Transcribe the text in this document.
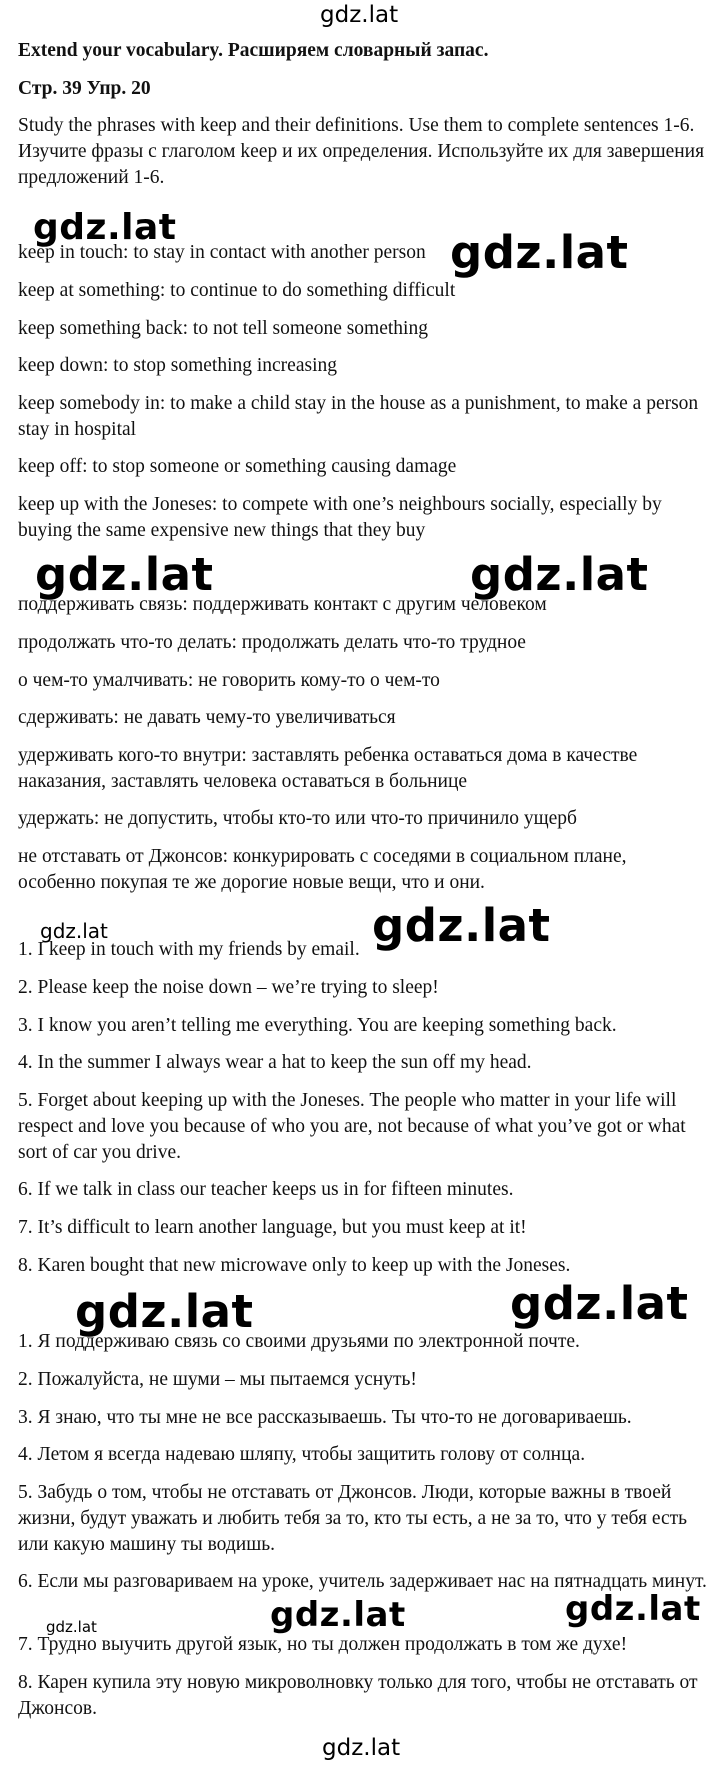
gdz.lat

Extend your vocabulary. Расширяем словарный запас.

Стр. 39 Упр. 20

Study the phrases with keep and their definitions. Use them to complete sentences 1-6. Изучите фразы с глаголом keep и их определения. Используйте их для завершения предложений 1-6.

keep in touch: to stay in contact with another person

keep at something: to continue to do something difficult

keep something back: to not tell someone something

keep down: to stop something increasing

keep somebody in: to make a child stay in the house as a punishment, to make a person stay in hospital

keep off: to stop someone or something causing damage

keep up with the Joneses: to compete with one’s neighbours socially, especially by buying the same expensive new things that they buy

поддерживать связь: поддерживать контакт с другим человеком

продолжать что-то делать: продолжать делать что-то трудное

о чем-то умалчивать: не говорить кому-то о чем-то

сдерживать: не давать чему-то увеличиваться

удерживать кого-то внутри: заставлять ребенка оставаться дома в качестве наказания, заставлять человека оставаться в больнице

удержать: не допустить, чтобы кто-то или что-то причинило ущерб

не отставать от Джонсов: конкурировать с соседями в социальном плане, особенно покупая те же дорогие новые вещи, что и они.

1. I keep in touch with my friends by email.

2. Please keep the noise down – we’re trying to sleep!

3. I know you aren’t telling me everything. You are keeping something back.

4. In the summer I always wear a hat to keep the sun off my head.

5. Forget about keeping up with the Joneses. The people who matter in your life will respect and love you because of who you are, not because of what you’ve got or what sort of car you drive.

6. If we talk in class our teacher keeps us in for fifteen minutes.

7. It’s difficult to learn another language, but you must keep at it!

8. Karen bought that new microwave only to keep up with the Joneses.

1. Я поддерживаю связь со своими друзьями по электронной почте.

2. Пожалуйста, не шуми – мы пытаемся уснуть!

3. Я знаю, что ты мне не все рассказываешь. Ты что-то не договариваешь.

4. Летом я всегда надеваю шляпу, чтобы защитить голову от солнца.

5. Забудь о том, чтобы не отставать от Джонсов. Люди, которые важны в твоей жизни, будут уважать и любить тебя за то, кто ты есть, а не за то, что у тебя есть или какую машину ты водишь.

6. Если мы разговариваем на уроке, учитель задерживает нас на пятнадцать минут.

7. Трудно выучить другой язык, но ты должен продолжать в том же духе!

8. Карен купила эту новую микроволновку только для того, чтобы не отставать от Джонсов.

gdz.lat	gdz.lat
gdz.lat	gdz.lat
gdz.lat	gdz.lat
gdz.lat	gdz.lat
gdz.lat	gdz.lat
gdz.lat
gdz.lat
